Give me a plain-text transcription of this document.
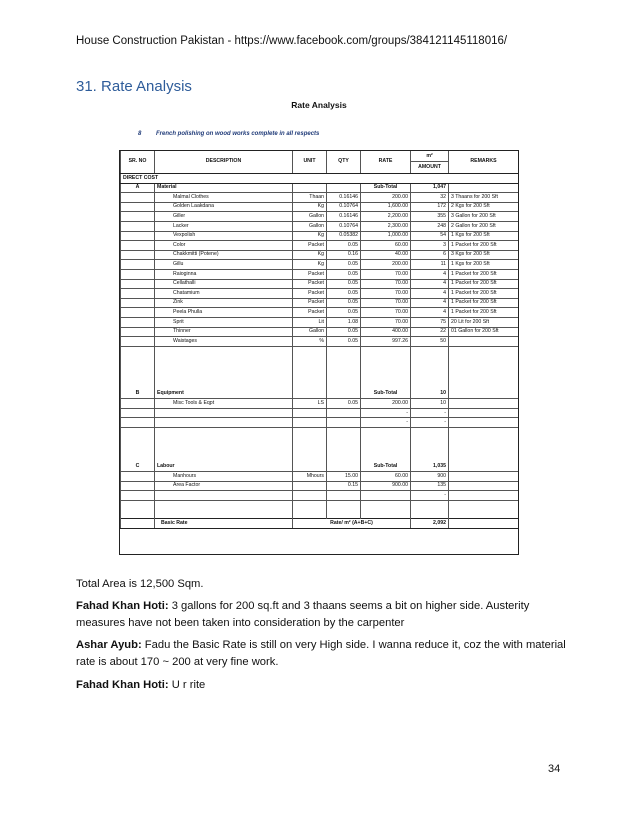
House Construction Pakistan - https://www.facebook.com/groups/384121145118016/
31. Rate Analysis
Rate Analysis
8 French polishing on wood works complete in all respects
SR. NO	DESCRIPTION	UNIT	QTY	RATE	m²	REMARKS
					AMOUNT	
DIRECT COST						
A	Material			Sub-Total	1,047	
	Malmal Clothes	Thaan	0.16146	200.00	32	3 Thaans for 200 Sft
	Golden Laakdana	Kg	0.10764	1,600.00	172	2 Kgs for 200 Sft
	Giller	Gallon	0.16146	2,200.00	355	3 Gallon for 200 Sft
	Lacker	Gallon	0.10764	2,300.00	248	2 Gallon for 200 Sft
	Vexpolish	Kg	0.05382	1,000.00	54	1 Kgs for 200 Sft
	Color	Packet	0.05	60.00	3	1 Packet for 200 Sft
	Chakkmitti (Potene)	Kg	0.16	40.00	6	3 Kgs for 200 Sft
	Gillu	Kg	0.05	200.00	11	1 Kgs for 200 Sft
	Raioginna	Packet	0.05	70.00	4	1 Packet for 200 Sft
	Cellathalli	Packet	0.05	70.00	4	1 Packet for 200 Sft
	Chatamium	Packet	0.05	70.00	4	1 Packet for 200 Sft
	Zink	Packet	0.05	70.00	4	1 Packet for 200 Sft
	Peela Phulla	Packet	0.05	70.00	4	1 Packet for 200 Sft
	Sprit	Lit	1.08	70.00	75	20 Lit for 200 Sft
	Thinner	Gallon	0.05	400.00	22	01 Gallon for 200 Sft
	Waistages	%	0.05	997.26	50	

B	Equipment			Sub-Total	10	
	Misc Tools & Eqpt	LS	0.05	200.00	10	
				-	-	
				-	-	

C	Labour			Sub-Total	1,035	
	Manhours	Mhours	15.00	60.00	900	
	Area Factor		0.15	900.00	135	
					-	

	Basic Rate	Rate/ m² (A+B+C)			2,092	
Total Area is 12,500 Sqm.
Fahad Khan Hoti: 3 gallons for 200 sq.ft and 3 thaans seems a bit on higher side. Austerity measures have not been taken into consideration by the carpenter
Ashar Ayub: Fadu the Basic Rate is still on very High side. I wanna reduce it, coz the with material rate is about 170 ~ 200 at very fine work.
Fahad Khan Hoti: U r rite
34
